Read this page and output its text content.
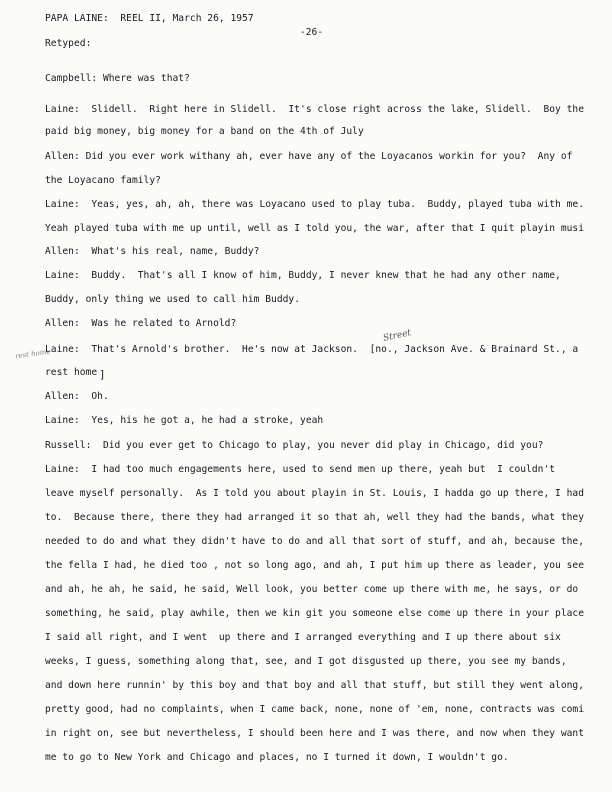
PAPA LAINE:  REEL II, March 26, 1957
-26-
Retyped:
Campbell: Where was that?
Laine:  Slidell.  Right here in Slidell.  It's close right across the lake, Slidell.  Boy the
paid big money, big money for a band on the 4th of July
Allen: Did you ever work withany ah, ever have any of the Loyacanos workin for you?  Any of
the Loyacano family?
Laine:  Yeas, yes, ah, ah, there was Loyacano used to play tuba.  Buddy, played tuba with me.
Yeah played tuba with me up until, well as I told you, the war, after that I quit playin musi
Allen:  What's his real, name, Buddy?
Laine:  Buddy.  That's all I know of him, Buddy, I never knew that he had any other name,
Buddy, only thing we used to call him Buddy.
Allen:  Was he related to Arnold?
Laine:  That's Arnold's brother.  He's now at Jackson.  [no., Jackson Ave. & Brainard St., a
rest home
Allen:  Oh.
Laine:  Yes, his he got a, he had a stroke, yeah
Russell:  Did you ever get to Chicago to play, you never did play in Chicago, did you?
Laine:  I had too much engagements here, used to send men up there, yeah but  I couldn't
leave myself personally.  As I told you about playin in St. Louis, I hadda go up there, I had
to.  Because there, there they had arranged it so that ah, well they had the bands, what they
needed to do and what they didn't have to do and all that sort of stuff, and ah, because the,
the fella I had, he died too , not so long ago, and ah, I put him up there as leader, you see
and ah, he ah, he said, he said, Well look, you better come up there with me, he says, or do
something, he said, play awhile, then we kin git you someone else come up there in your place
I said all right, and I went  up there and I arranged everything and I up there about six
weeks, I guess, something along that, see, and I got disgusted up there, you see my bands,
and down here runnin' by this boy and that boy and all that stuff, but still they went along,
pretty good, had no complaints, when I came back, none, none of 'em, none, contracts was comi
in right on, see but nevertheless, I should been here and I was there, and now when they want
me to go to New York and Chicago and places, no I turned it down, I wouldn't go.
Street
rest home
]
